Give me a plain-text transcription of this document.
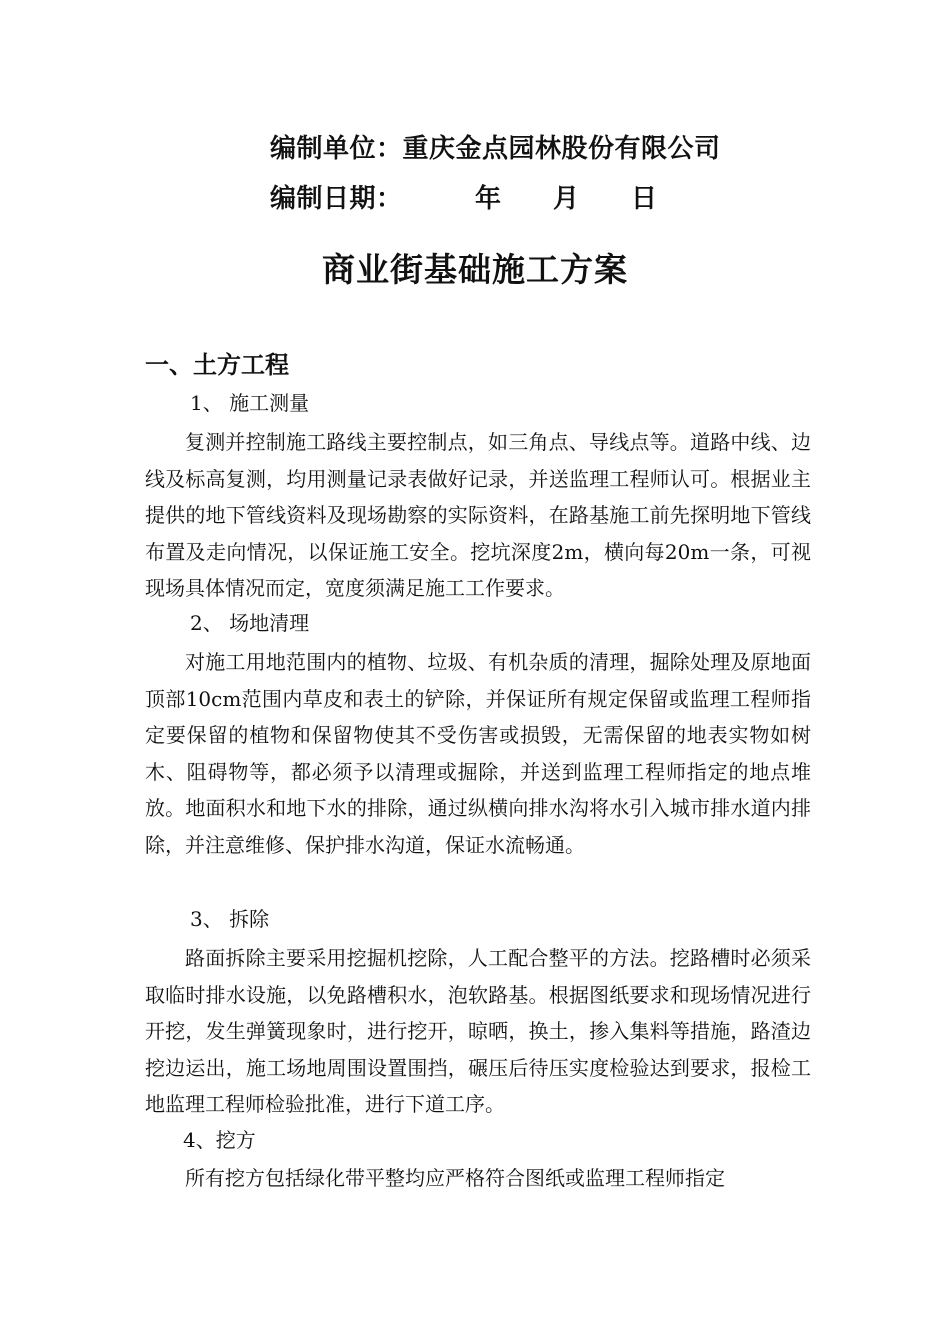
编制单位：重庆金点园林股份有限公司
编制日期：	年 月 日
商业街基础施工方案
一、土方工程
1、 施工测量

复测并控制施工路线主要控制点，如三角点、导线点等。道路中线、边线及标高复测，均用测量记录表做好记录，并送监理工程师认可。根据业主提供的地下管线资料及现场勘察的实际资料，在路基施工前先探明地下管线布置及走向情况，以保证施工安全。挖坑深度2m，横向每20m一条，可视现场具体情况而定，宽度须满足施工工作要求。

2、 场地清理

对施工用地范围内的植物、垃圾、有机杂质的清理，掘除处理及原地面顶部10cm范围内草皮和表土的铲除，并保证所有规定保留或监理工程师指定要保留的植物和保留物使其不受伤害或损毁，无需保留的地表实物如树木、阻碍物等，都必须予以清理或掘除，并送到监理工程师指定的地点堆放。地面积水和地下水的排除，通过纵横向排水沟将水引入城市排水道内排除，并注意维修、保护排水沟道，保证水流畅通。

3、 拆除

路面拆除主要采用挖掘机挖除，人工配合整平的方法。挖路槽时必须采取临时排水设施，以免路槽积水，泡软路基。根据图纸要求和现场情况进行开挖，发生弹簧现象时，进行挖开，晾晒，换土，掺入集料等措施，路渣边挖边运出，施工场地周围设置围挡，碾压后待压实度检验达到要求，报检工地监理工程师检验批准，进行下道工序。

4、挖方

所有挖方包括绿化带平整均应严格符合图纸或监理工程师指定
